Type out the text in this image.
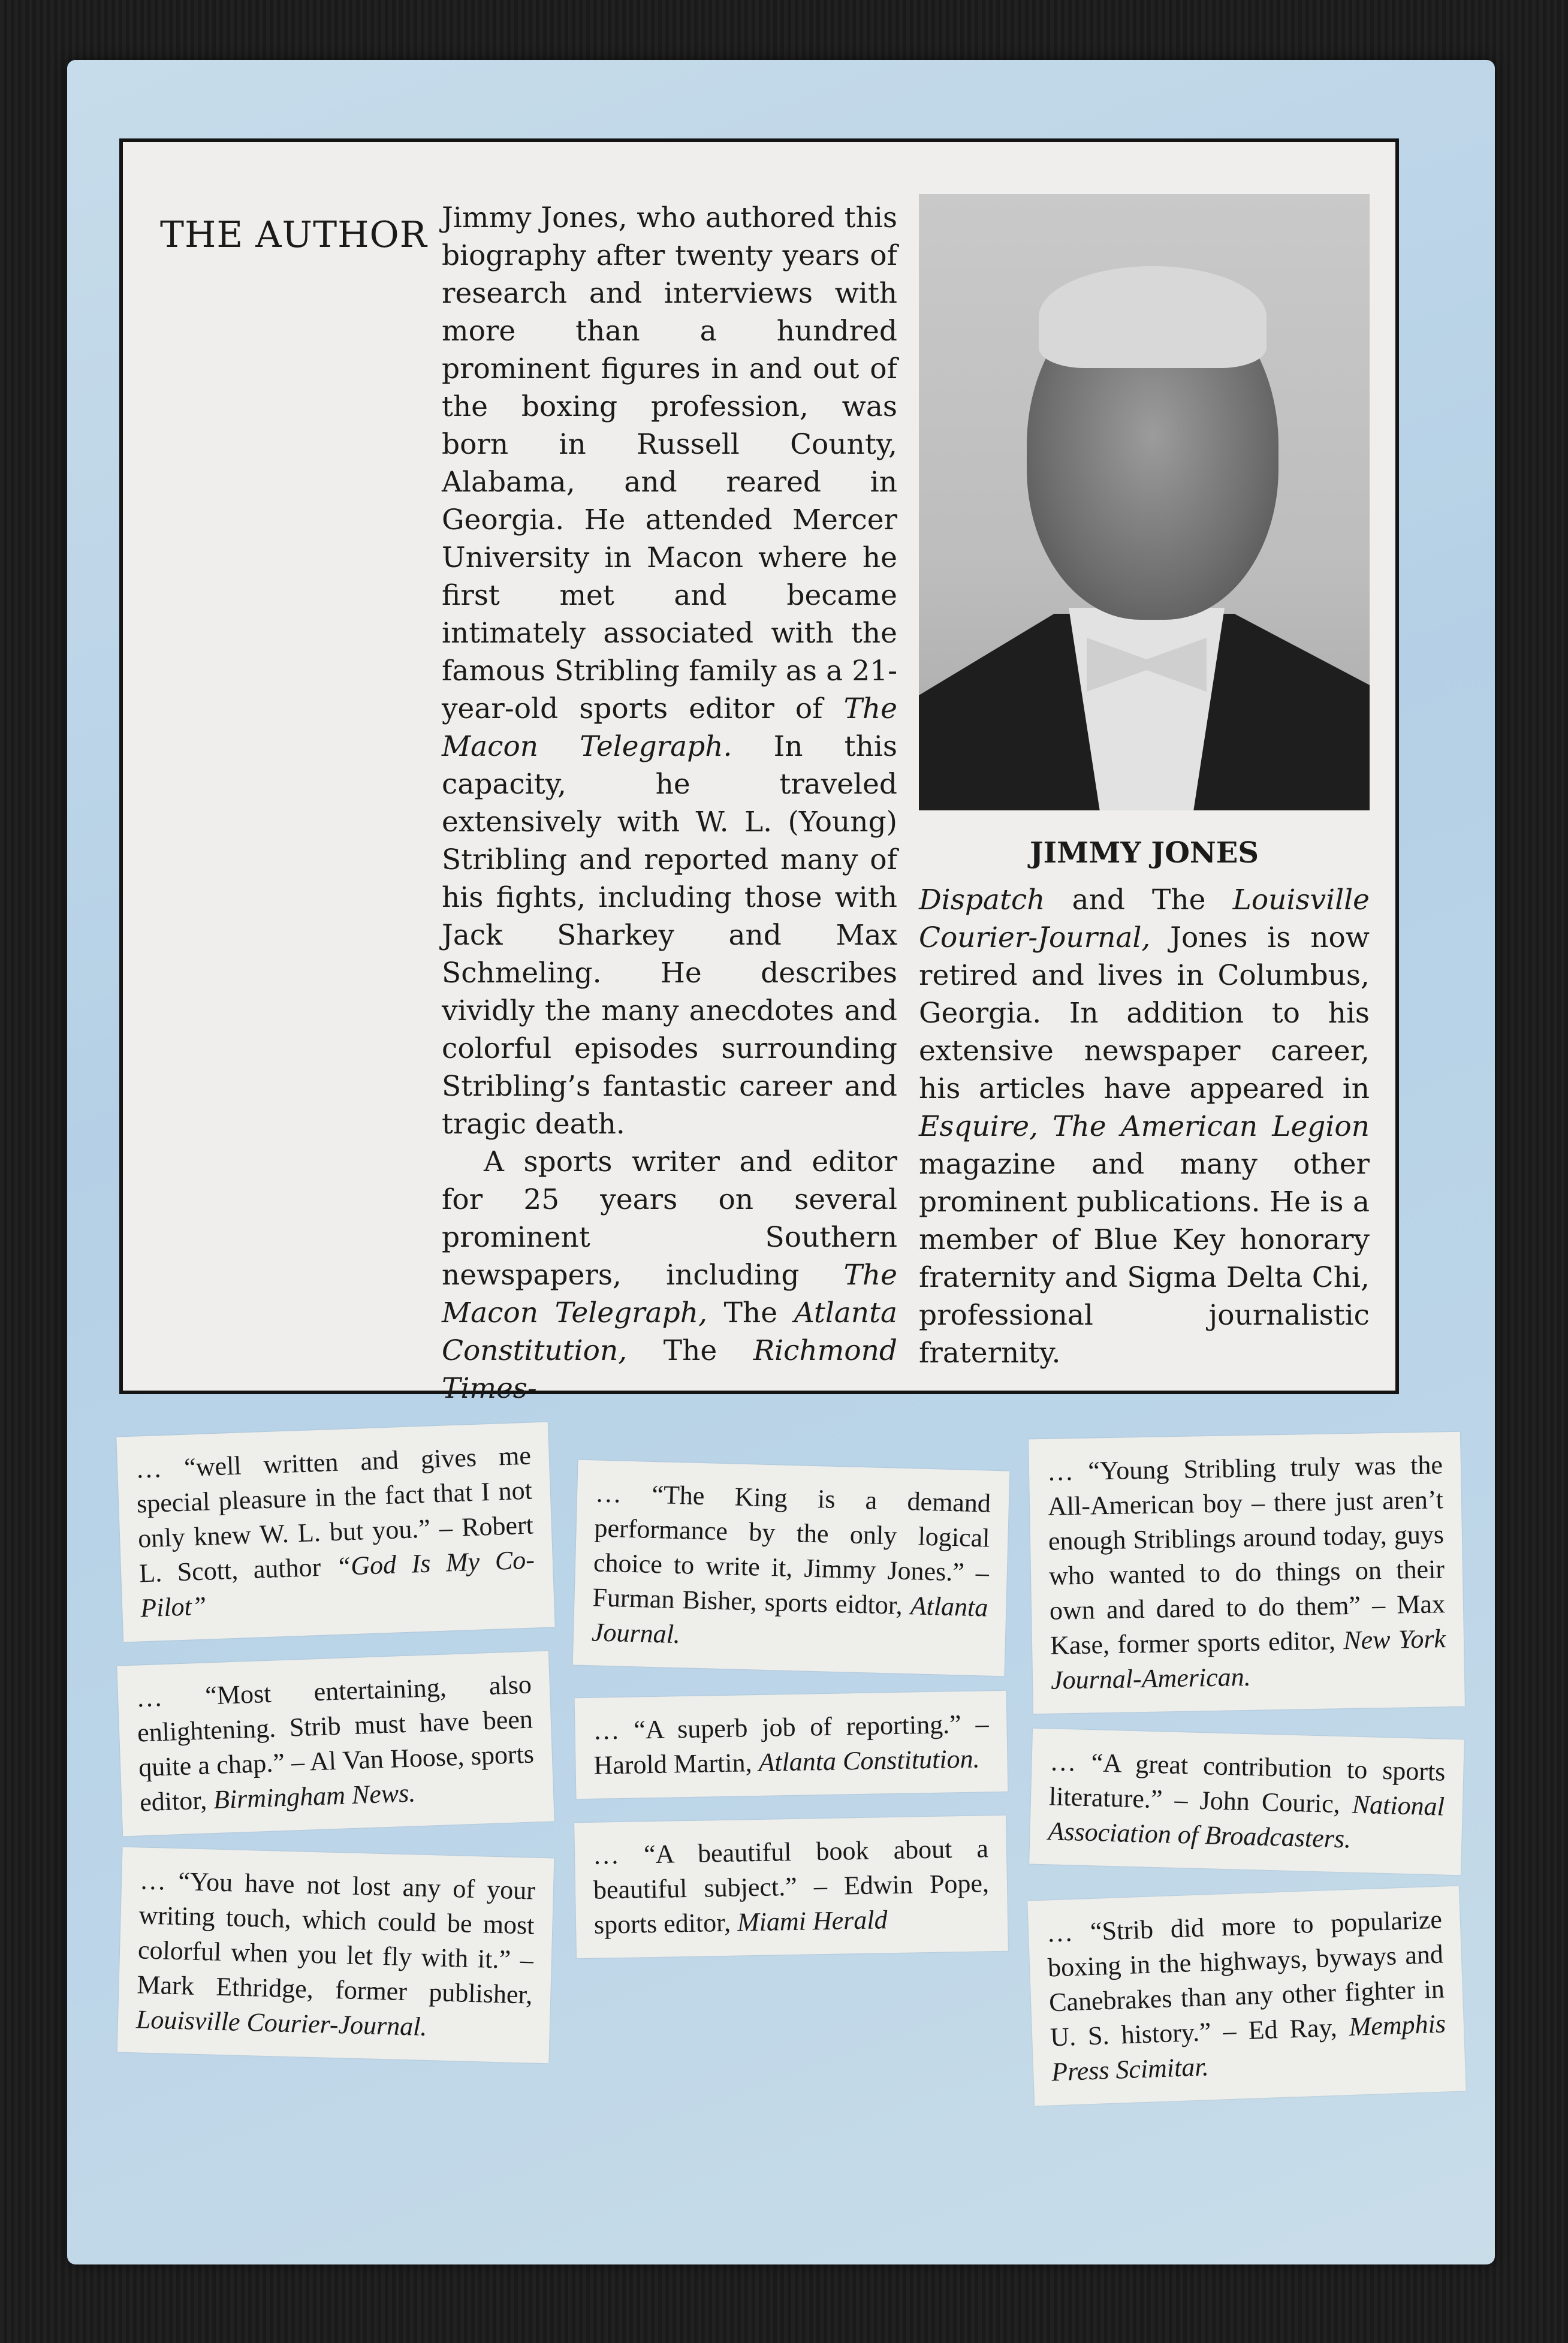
THE AUTHOR Jimmy Jones, who authored this biography after twenty years of research and interviews with more than a hundred prominent figures in and out of the boxing profession, was born in Russell County, Alabama, and reared in Georgia. He attended Mercer University in Macon where he first met and became intimately associated with the famous Stribling family as a 21-year-old sports editor of The Macon Telegraph. In this capacity, he traveled extensively with W. L. (Young) Stribling and reported many of his fights, including those with Jack Sharkey and Max Schmeling. He describes vividly the many anecdotes and colorful episodes surrounding Stribling’s fantastic career and tragic death.

A sports writer and editor for 25 years on several prominent Southern newspapers, including The Macon Telegraph, The Atlanta Constitution, The Richmond Times-

JIMMY JONES

Dispatch and The Louisville Courier-Journal, Jones is now retired and lives in Columbus, Georgia. In addition to his extensive newspaper career, his articles have appeared in Esquire, The American Legion magazine and many other prominent publications. He is a member of Blue Key honorary fraternity and Sigma Delta Chi, professional journalistic fraternity.

… “well written and gives me special pleasure in the fact that I not only knew W. L. but you.” – Robert L. Scott, author “God Is My Co-Pilot”
… “Most entertaining, also enlightening. Strib must have been quite a chap.” – Al Van Hoose, sports editor, Birmingham News.
… “You have not lost any of your writing touch, which could be most colorful when you let fly with it.” – Mark Ethridge, former publisher, Louisville Courier-Journal.
… “The King is a demand performance by the only logical choice to write it, Jimmy Jones.” – Furman Bisher, sports eidtor, Atlanta Journal.
… “A superb job of reporting.” – Harold Martin, Atlanta Constitution.
… “A beautiful book about a beautiful subject.” – Edwin Pope, sports editor, Miami Herald
… “Young Stribling truly was the All-American boy – there just aren’t enough Striblings around today, guys who wanted to do things on their own and dared to do them” – Max Kase, former sports editor, New York Journal-American.
… “A great contribution to sports literature.” – John Couric, National Association of Broadcasters.
… “Strib did more to popularize boxing in the highways, byways and Canebrakes than any other fighter in U. S. history.” – Ed Ray, Memphis Press Scimitar.
